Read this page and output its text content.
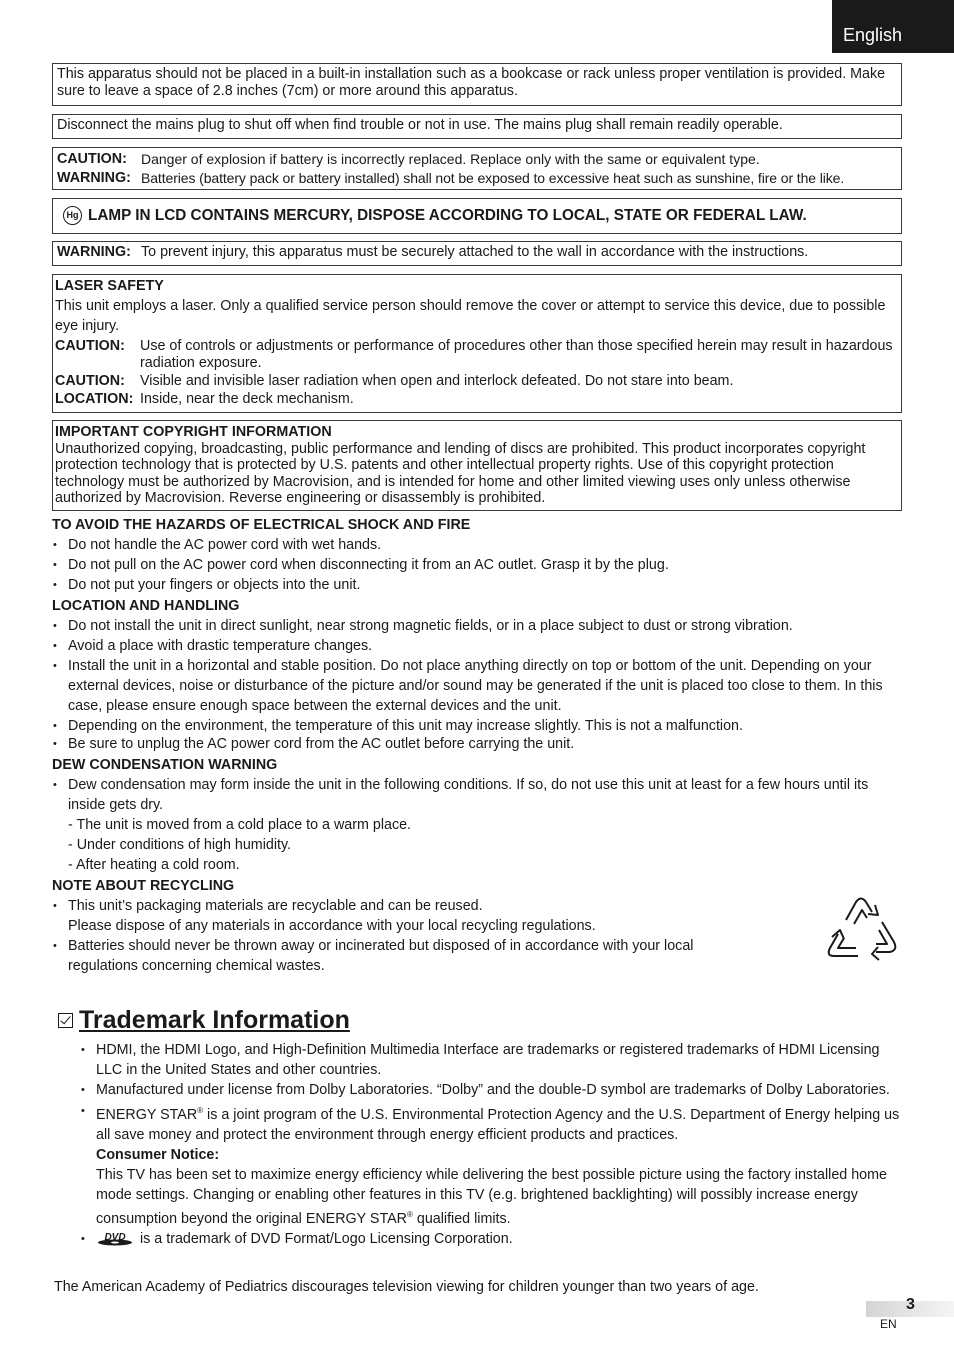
English
This apparatus should not be placed in a built-in installation such as a bookcase or rack unless proper ventilation is provided. Make sure to leave a space of 2.8 inches (7cm) or more around this apparatus.
Disconnect the mains plug to shut off when find trouble or not in use. The mains plug shall remain readily operable.
CAUTION:	Danger of explosion if battery is incorrectly replaced. Replace only with the same or equivalent type.
WARNING: Batteries (battery pack or battery installed) shall not be exposed to excessive heat such as sunshine, fire or the like.
Hg LAMP IN LCD CONTAINS MERCURY, DISPOSE ACCORDING TO LOCAL, STATE OR FEDERAL LAW.
WARNING: To prevent injury, this apparatus must be securely attached to the wall in accordance with the instructions.
LASER SAFETY
This unit employs a laser. Only a qualified service person should remove the cover or attempt to service this device, due to possible eye injury.
CAUTION:	Use of controls or adjustments or performance of procedures other than those specified herein may result in hazardous radiation exposure.
CAUTION:	Visible and invisible laser radiation when open and interlock defeated. Do not stare into beam.
LOCATION: Inside, near the deck mechanism.
IMPORTANT COPYRIGHT INFORMATION
Unauthorized copying, broadcasting, public performance and lending of discs are prohibited. This product incorporates copyright protection technology that is protected by U.S. patents and other intellectual property rights. Use of this copyright protection technology must be authorized by Macrovision, and is intended for home and other limited viewing uses only unless otherwise authorized by Macrovision. Reverse engineering or disassembly is prohibited.
TO AVOID THE HAZARDS OF ELECTRICAL SHOCK AND FIRE
• Do not handle the AC power cord with wet hands.
• Do not pull on the AC power cord when disconnecting it from an AC outlet. Grasp it by the plug.
• Do not put your fingers or objects into the unit.
LOCATION AND HANDLING
• Do not install the unit in direct sunlight, near strong magnetic fields, or in a place subject to dust or strong vibration.
• Avoid a place with drastic temperature changes.
• Install the unit in a horizontal and stable position. Do not place anything directly on top or bottom of the unit. Depending on your external devices, noise or disturbance of the picture and/or sound may be generated if the unit is placed too close to them. In this case, please ensure enough space between the external devices and the unit.
• Depending on the environment, the temperature of this unit may increase slightly. This is not a malfunction.
• Be sure to unplug the AC power cord from the AC outlet before carrying the unit.
DEW CONDENSATION WARNING
• Dew condensation may form inside the unit in the following conditions. If so, do not use this unit at least for a few hours until its inside gets dry.
- The unit is moved from a cold place to a warm place.
- Under conditions of high humidity.
- After heating a cold room.
NOTE ABOUT RECYCLING
• This unit’s packaging materials are recyclable and can be reused.
Please dispose of any materials in accordance with your local recycling regulations.
• Batteries should never be thrown away or incinerated but disposed of in accordance with your local regulations concerning chemical wastes.
Trademark Information
• HDMI, the HDMI Logo, and High-Definition Multimedia Interface are trademarks or registered trademarks of HDMI Licensing LLC in the United States and other countries.
• Manufactured under license from Dolby Laboratories. “Dolby” and the double-D symbol are trademarks of Dolby Laboratories.
• ENERGY STAR® is a joint program of the U.S. Environmental Protection Agency and the U.S. Department of Energy helping us all save money and protect the environment through energy efficient products and practices.
Consumer Notice:
This TV has been set to maximize energy efficiency while delivering the best possible picture using the factory installed home mode settings. Changing or enabling other features in this TV (e.g. brightened backlighting) will possibly increase energy consumption beyond the original ENERGY STAR® qualified limits.
• DVD is a trademark of DVD Format/Logo Licensing Corporation.
The American Academy of Pediatrics discourages television viewing for children younger than two years of age.
3
EN
